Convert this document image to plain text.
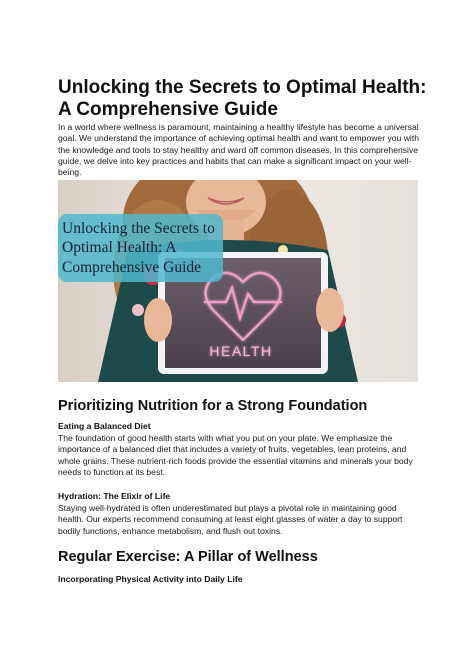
Unlocking the Secrets to Optimal Health: A Comprehensive Guide
In a world where wellness is paramount, maintaining a healthy lifestyle has become a universal goal. We understand the importance of achieving optimal health and want to empower you with the knowledge and tools to stay healthy and ward off common diseases. In this comprehensive guide, we delve into key practices and habits that can make a significant impact on your well-being.
HEALTH
Unlocking the Secrets to Optimal Health: A Comprehensive Guide
Prioritizing Nutrition for a Strong Foundation
Eating a Balanced Diet
The foundation of good health starts with what you put on your plate. We emphasize the importance of a balanced diet that includes a variety of fruits, vegetables, lean proteins, and whole grains. These nutrient-rich foods provide the essential vitamins and minerals your body needs to function at its best.
Hydration: The Elixir of Life
Staying well-hydrated is often underestimated but plays a pivotal role in maintaining good health. Our experts recommend consuming at least eight glasses of water a day to support bodily functions, enhance metabolism, and flush out toxins.
Regular Exercise: A Pillar of Wellness
Incorporating Physical Activity into Daily Life
